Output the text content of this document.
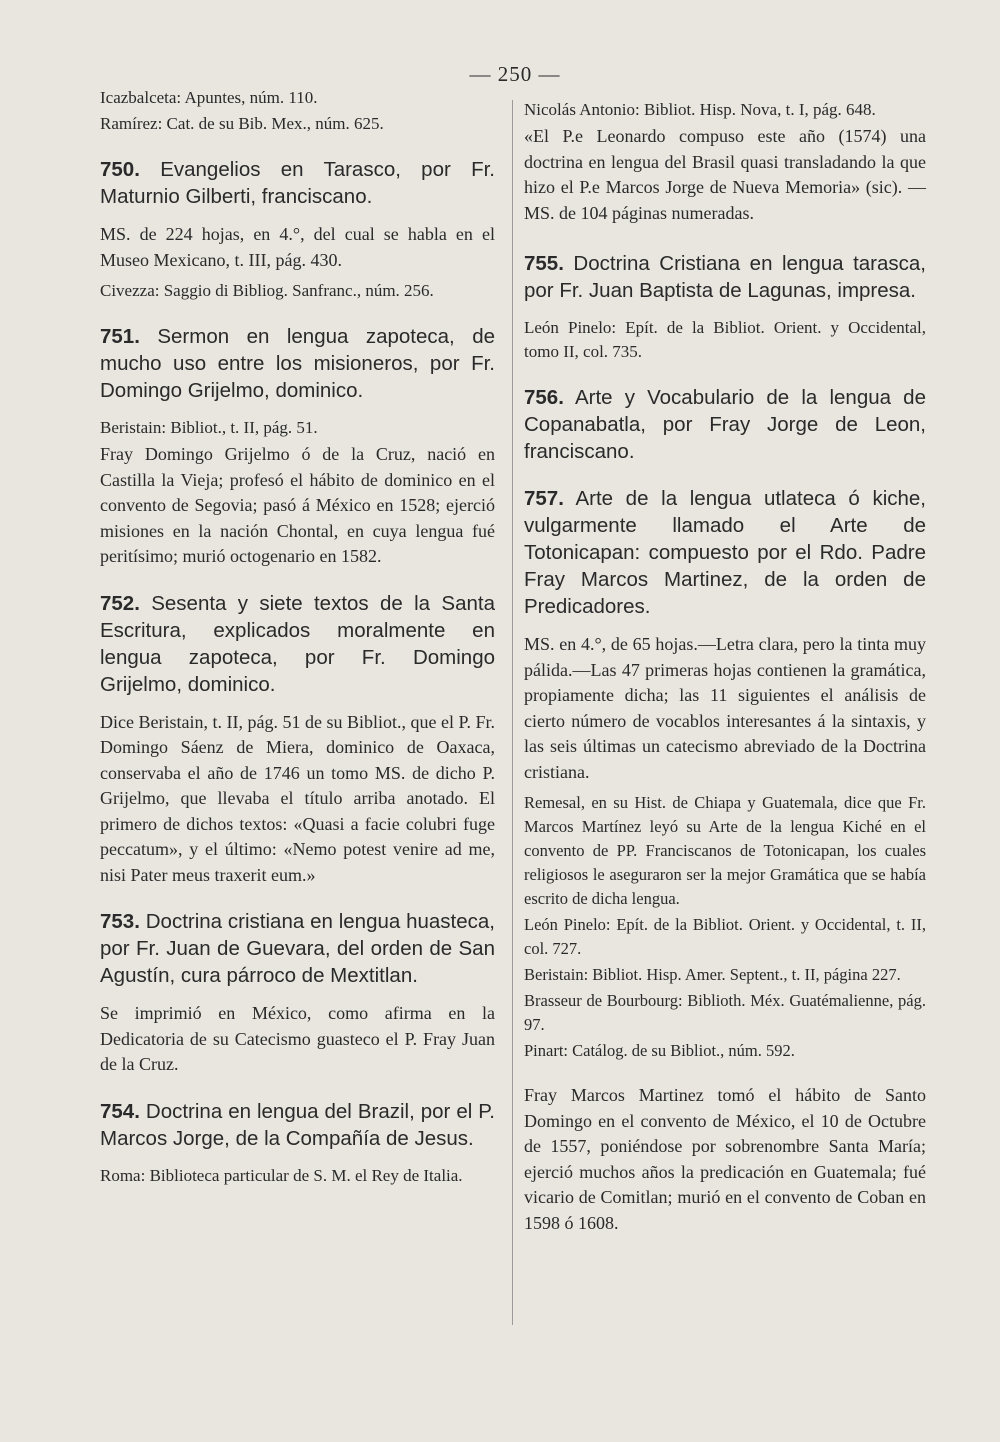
— 250 —

Icazbalceta: Apuntes, núm. 110.

Ramírez: Cat. de su Bib. Mex., núm. 625.

750. Evangelios en Tarasco, por Fr. Maturnio Gilberti, franciscano.

MS. de 224 hojas, en 4.°, del cual se habla en el Museo Mexicano, t. III, pág. 430.

Civezza: Saggio di Bibliog. Sanfranc., núm. 256.

751. Sermon en lengua zapoteca, de mucho uso entre los misioneros, por Fr. Domingo Grijelmo, dominico.

Beristain: Bibliot., t. II, pág. 51.

Fray Domingo Grijelmo ó de la Cruz, nació en Castilla la Vieja; profesó el hábito de dominico en el convento de Segovia; pasó á México en 1528; ejerció misiones en la nación Chontal, en cuya lengua fué peritísimo; murió octogenario en 1582.

752. Sesenta y siete textos de la Santa Escritura, explicados moralmente en lengua zapoteca, por Fr. Domingo Grijelmo, dominico.

Dice Beristain, t. II, pág. 51 de su Bibliot., que el P. Fr. Domingo Sáenz de Miera, dominico de Oaxaca, conservaba el año de 1746 un tomo MS. de dicho P. Grijelmo, que llevaba el título arriba anotado. El primero de dichos textos: «Quasi a facie colubri fuge peccatum», y el último: «Nemo potest venire ad me, nisi Pater meus traxerit eum.»

753. Doctrina cristiana en lengua huasteca, por Fr. Juan de Guevara, del orden de San Agustín, cura párroco de Mextitlan.

Se imprimió en México, como afirma en la Dedicatoria de su Catecismo guasteco el P. Fray Juan de la Cruz.

754. Doctrina en lengua del Brazil, por el P. Marcos Jorge, de la Compañía de Jesus.

Roma: Biblioteca particular de S. M. el Rey de Italia.

Nicolás Antonio: Bibliot. Hisp. Nova, t. I, pág. 648.

«El P.e Leonardo compuso este año (1574) una doctrina en lengua del Brasil quasi transladando la que hizo el P.e Marcos Jorge de Nueva Memoria» (sic). — MS. de 104 páginas numeradas.

755. Doctrina Cristiana en lengua tarasca, por Fr. Juan Baptista de Lagunas, impresa.

León Pinelo: Epít. de la Bibliot. Orient. y Occidental, tomo II, col. 735.

756. Arte y Vocabulario de la lengua de Copanabatla, por Fray Jorge de Leon, franciscano.

757. Arte de la lengua utlateca ó kiche, vulgarmente llamado el Arte de Totonicapan: compuesto por el Rdo. Padre Fray Marcos Martinez, de la orden de Predicadores.

MS. en 4.°, de 65 hojas.—Letra clara, pero la tinta muy pálida.—Las 47 primeras hojas contienen la gramática, propiamente dicha; las 11 siguientes el análisis de cierto número de vocablos interesantes á la sintaxis, y las seis últimas un catecismo abreviado de la Doctrina cristiana.

Remesal, en su Hist. de Chiapa y Guatemala, dice que Fr. Marcos Martínez leyó su Arte de la lengua Kiché en el convento de PP. Franciscanos de Totonicapan, los cuales religiosos le aseguraron ser la mejor Gramática que se había escrito de dicha lengua.

León Pinelo: Epít. de la Bibliot. Orient. y Occidental, t. II, col. 727.

Beristain: Bibliot. Hisp. Amer. Septent., t. II, página 227.

Brasseur de Bourbourg: Biblioth. Méx. Guatémalienne, pág. 97.

Pinart: Catálog. de su Bibliot., núm. 592.

Fray Marcos Martinez tomó el hábito de Santo Domingo en el convento de México, el 10 de Octubre de 1557, poniéndose por sobrenombre Santa María; ejerció muchos años la predicación en Guatemala; fué vicario de Comitlan; murió en el convento de Coban en 1598 ó 1608.
